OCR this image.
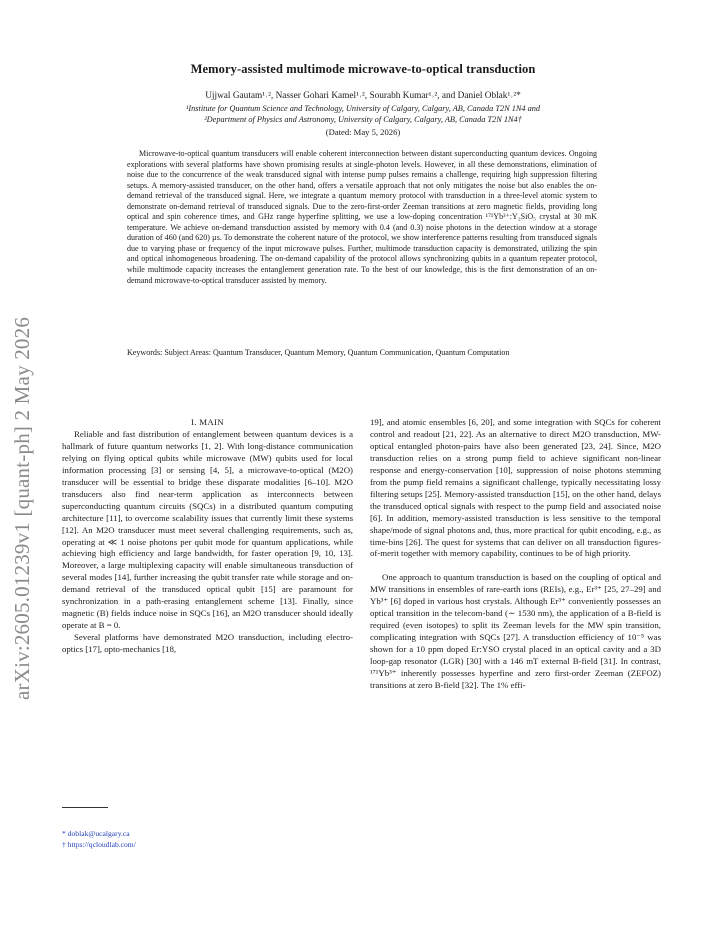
arXiv:2605.01239v1 [quant-ph] 2 May 2026
Memory-assisted multimode microwave-to-optical transduction
Ujjwal Gautam¹˒², Nasser Gohari Kamel¹˒², Sourabh Kumar¹˒², and Daniel Oblak¹˒²*
¹Institute for Quantum Science and Technology, University of Calgary, Calgary, AB, Canada T2N 1N4 and
²Department of Physics and Astronomy, University of Calgary, Calgary, AB, Canada T2N 1N4†
(Dated: May 5, 2026)

Microwave-to-optical quantum transducers will enable coherent interconnection between distant superconducting quantum devices. Ongoing explorations with several platforms have shown promising results at single-photon levels. However, in all these demonstrations, elimination of noise due to the concurrence of the weak transduced signal with intense pump pulses remains a challenge, requiring high suppression filtering setups. A memory-assisted transducer, on the other hand, offers a versatile approach that not only mitigates the noise but also enables the on-demand retrieval of the transduced signal. Here, we integrate a quantum memory protocol with transduction in a three-level atomic system to demonstrate on-demand retrieval of transduced signals. Due to the zero-first-order Zeeman transitions at zero magnetic fields, providing long optical and spin coherence times, and GHz range hyperfine splitting, we use a low-doping concentration ¹⁷¹Yb³⁺:Y₂SiO₅ crystal at 30 mK temperature. We achieve on-demand transduction assisted by memory with 0.4 (and 0.3) noise photons in the detection window at a storage duration of 460 (and 620) µs. To demonstrate the coherent nature of the protocol, we show interference patterns resulting from transduced signals due to varying phase or frequency of the input microwave pulses. Further, multimode transduction capacity is demonstrated, utilizing the spin and optical inhomogeneous broadening. The on-demand capability of the protocol allows synchronizing qubits in a quantum repeater protocol, while multimode capacity increases the entanglement generation rate. To the best of our knowledge, this is the first demonstration of an on-demand microwave-to-optical transducer assisted by memory.

Keywords: Subject Areas: Quantum Transducer, Quantum Memory, Quantum Communication, Quantum Computation

I. MAIN

Reliable and fast distribution of entanglement between quantum devices is a hallmark of future quantum networks [1, 2]. With long-distance communication relying on flying optical qubits while microwave (MW) qubits used for local information processing [3] or sensing [4, 5], a microwave-to-optical (M2O) transducer will be essential to bridge these disparate modalities [6–10]. M2O transducers also find near-term application as interconnects between superconducting quantum circuits (SQCs) in a distributed quantum computing architecture [11], to overcome scalability issues that currently limit these systems [12]. An M2O transducer must meet several challenging requirements, such as, operating at ≪ 1 noise photons per qubit mode for quantum applications, while achieving high efficiency and large bandwidth, for faster operation [9, 10, 13]. Moreover, a large multiplexing capacity will enable simultaneous transduction of several modes [14], further increasing the qubit transfer rate while storage and on-demand retrieval of the transduced optical qubit [15] are paramount for synchronization in a path-erasing entanglement scheme [13]. Finally, since magnetic (B) fields induce noise in SQCs [16], an M2O transducer should ideally operate at B = 0.

Several platforms have demonstrated M2O transduction, including electro-optics [17], opto-mechanics [18,

19], and atomic ensembles [6, 20], and some integration with SQCs for coherent control and readout [21, 22]. As an alternative to direct M2O transduction, MW-optical entangled photon-pairs have also been generated [23, 24]. Since, M2O transduction relies on a strong pump field to achieve significant non-linear response and energy-conservation [10], suppression of noise photons stemming from the pump field remains a significant challenge, typically necessitating lossy filtering setups [25]. Memory-assisted transduction [15], on the other hand, delays the transduced optical signals with respect to the pump field and associated noise [6]. In addition, memory-assisted transduction is less sensitive to the temporal shape/mode of signal photons and, thus, more practical for qubit encoding, e.g., as time-bins [26]. The quest for systems that can deliver on all transduction figures-of-merit together with memory capability, continues to be of high priority.

One approach to quantum transduction is based on the coupling of optical and MW transitions in ensembles of rare-earth ions (REIs), e.g., Er³⁺ [25, 27–29] and Yb³⁺ [6] doped in various host crystals. Although Er³⁺ conveniently possesses an optical transition in the telecom-band (∼ 1530 nm), the application of a B-field is required (even isotopes) to split its Zeeman levels for the MW spin transition, complicating integration with SQCs [27]. A transduction efficiency of 10⁻⁵ was shown for a 10 ppm doped Er:YSO crystal placed in an optical cavity and a 3D loop-gap resonator (LGR) [30] with a 146 mT external B-field [31]. In contrast, ¹⁷¹Yb³⁺ inherently possesses hyperfine and zero first-order Zeeman (ZEFOZ) transitions at zero B-field [32]. The 1% effi-

* doblak@ucalgary.ca
† https://qcloudlab.com/
